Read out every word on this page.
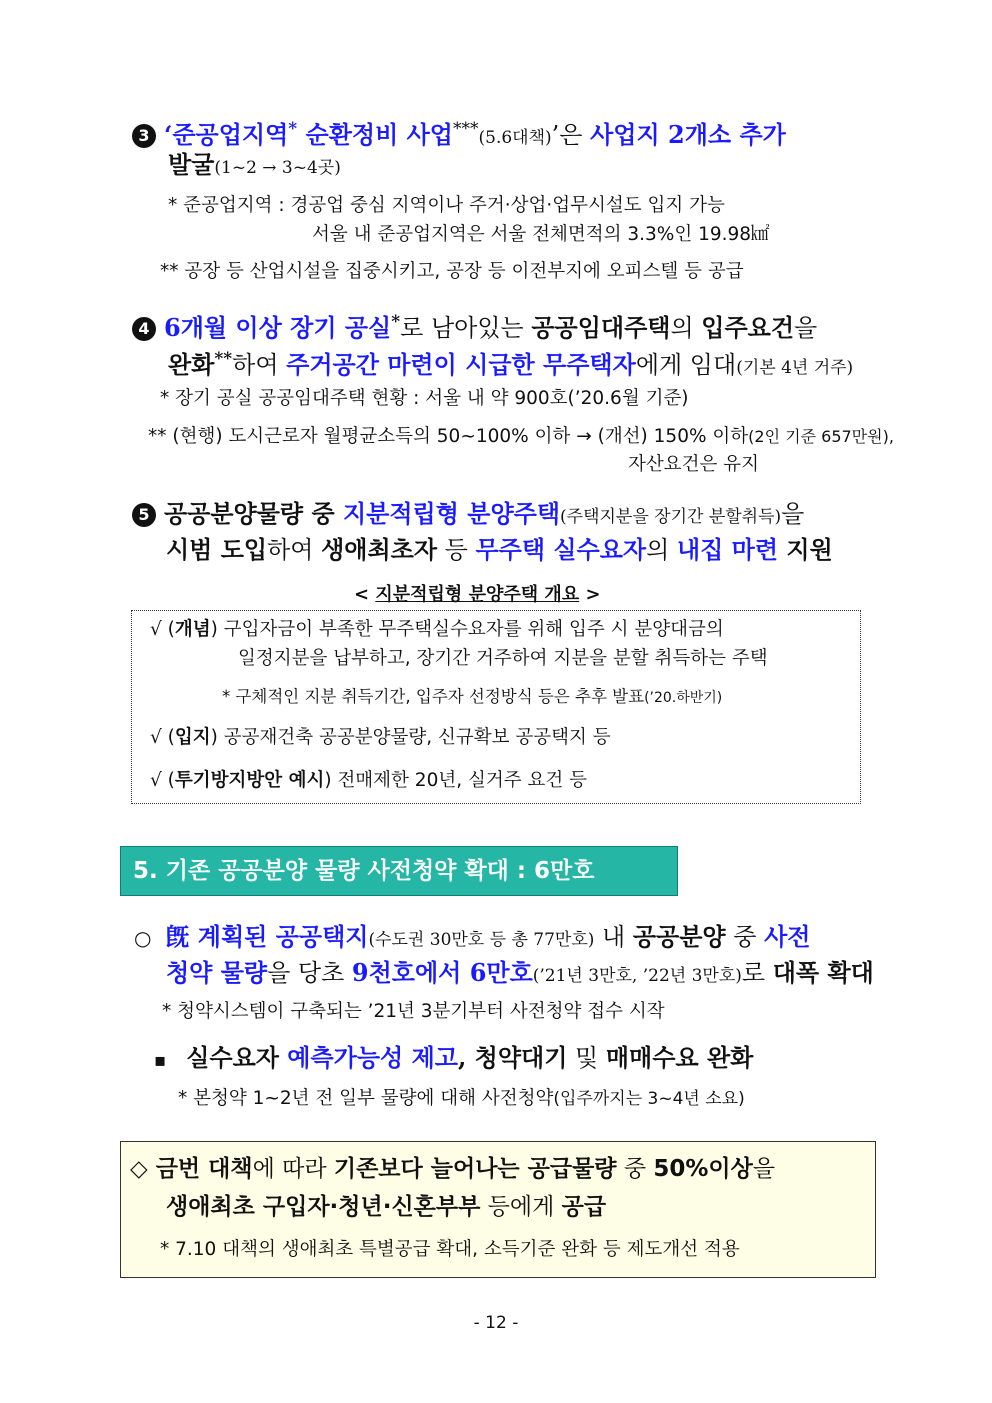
3 ‘준공업지역* 순환정비 사업***(5.6대책)’은 사업지 2개소 추가
발굴(1~2 → 3~4곳)
* 준공업지역 : 경공업 중심 지역이나 주거·상업·업무시설도 입지 가능
서울 내 준공업지역은 서울 전체면적의 3.3%인 19.98㎢
** 공장 등 산업시설을 집중시키고, 공장 등 이전부지에 오피스텔 등 공급
4 6개월 이상 장기 공실*로 남아있는 공공임대주택의 입주요건을
완화**하여 주거공간 마련이 시급한 무주택자에게 임대(기본 4년 거주)
* 장기 공실 공공임대주택 현황 : 서울 내 약 900호(’20.6월 기준)
** (현행) 도시근로자 월평균소득의 50~100% 이하 → (개선) 150% 이하(2인 기준 657만원),
자산요건은 유지
5 공공분양물량 중 지분적립형 분양주택(주택지분을 장기간 분할취득)을
시범 도입하여 생애최초자 등 무주택 실수요자의 내집 마련 지원
< 지분적립형 분양주택 개요 >
√ (개념) 구입자금이 부족한 무주택실수요자를 위해 입주 시 분양대금의
일정지분을 납부하고, 장기간 거주하여 지분을 분할 취득하는 주택
* 구체적인 지분 취득기간, 입주자 선정방식 등은 추후 발표(’20.하반기)
√ (입지) 공공재건축 공공분양물량, 신규확보 공공택지 등
√ (투기방지방안 예시) 전매제한 20년, 실거주 요건 등
5. 기존 공공분양 물량 사전청약 확대 : 6만호
○ 旣 계획된 공공택지(수도권 30만호 등 총 77만호) 내 공공분양 중 사전
청약 물량을 당초 9천호에서 6만호(’21년 3만호, ’22년 3만호)로 대폭 확대
* 청약시스템이 구축되는 ’21년 3분기부터 사전청약 접수 시작
▪ 실수요자 예측가능성 제고, 청약대기 및 매매수요 완화
* 본청약 1~2년 전 일부 물량에 대해 사전청약(입주까지는 3~4년 소요)
◇ 금번 대책에 따라 기존보다 늘어나는 공급물량 중 50%이상을
생애최초 구입자·청년·신혼부부 등에게 공급
* 7.10 대책의 생애최초 특별공급 확대, 소득기준 완화 등 제도개선 적용
- 12 -
